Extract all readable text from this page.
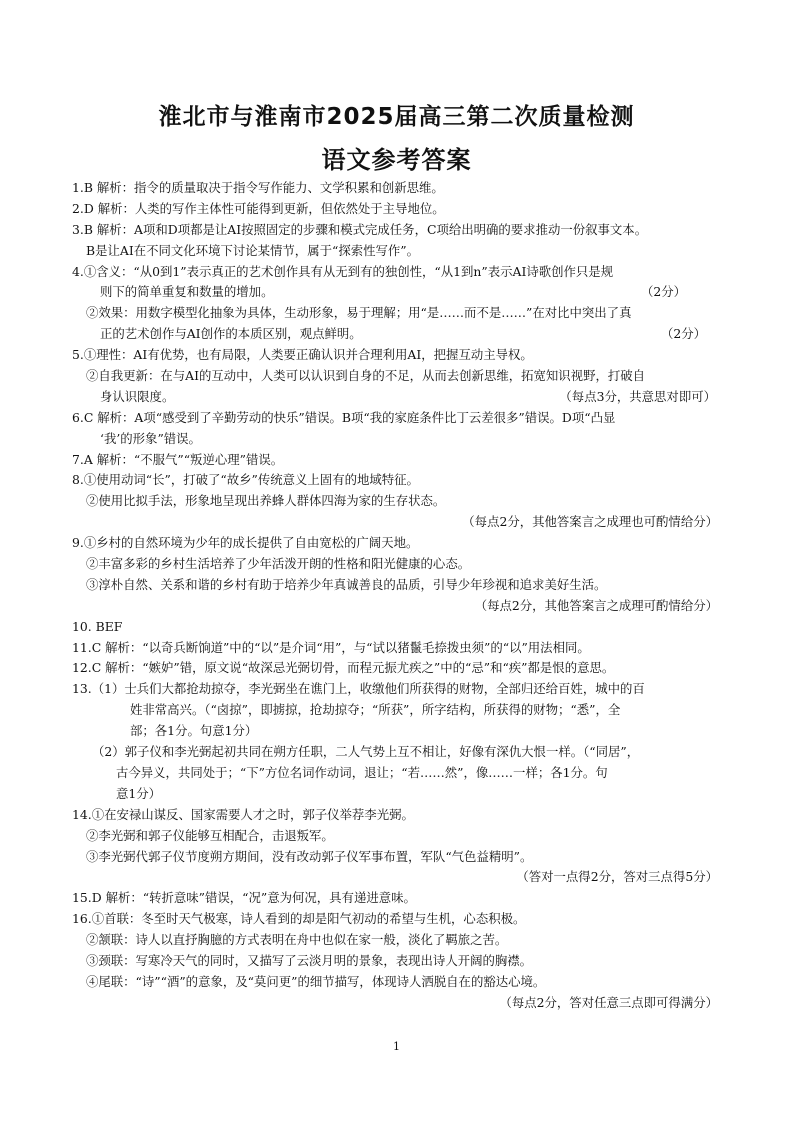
淮北市与淮南市2025届高三第二次质量检测
语文参考答案
1.B 解析：指令的质量取决于指令写作能力、文学积累和创新思维。
2.D 解析：人类的写作主体性可能得到更新，但依然处于主导地位。
3.B 解析：A项和D项都是让AI按照固定的步骤和模式完成任务，C项给出明确的要求推动一份叙事文本。
B是让AI在不同文化环境下讨论某情节，属于“探索性写作”。
4.①含义：“从0到1”表示真正的艺术创作具有从无到有的独创性，“从1到n”表示AI诗歌创作只是规
则下的简单重复和数量的增加。	（2分）
②效果：用数字模型化抽象为具体，生动形象，易于理解；用“是……而不是……”在对比中突出了真
正的艺术创作与AI创作的本质区别，观点鲜明。	（2分）
5.①理性：AI有优势，也有局限，人类要正确认识并合理利用AI，把握互动主导权。
②自我更新：在与AI的互动中，人类可以认识到自身的不足，从而去创新思维，拓宽知识视野，打破自
身认识限度。	（每点3分，共意思对即可）
6.C 解析：A项“感受到了辛勤劳动的快乐”错误。B项“我的家庭条件比丁云差很多”错误。D项“凸显
‘我’的形象”错误。
7.A 解析：“不服气”“叛逆心理”错误。
8.①使用动词“长”，打破了“故乡”传统意义上固有的地域特征。
②使用比拟手法，形象地呈现出养蜂人群体四海为家的生存状态。
（每点2分，其他答案言之成理也可酌情给分）
9.①乡村的自然环境为少年的成长提供了自由宽松的广阔天地。
②丰富多彩的乡村生活培养了少年活泼开朗的性格和阳光健康的心态。
③淳朴自然、关系和谐的乡村有助于培养少年真诚善良的品质，引导少年珍视和追求美好生活。
（每点2分，其他答案言之成理可酌情给分）
10. BEF
11.C 解析：“以奇兵断饷道”中的“以”是介词“用”，与“试以猪鬣毛捺拨虫须”的“以”用法相同。
12.C 解析：“嫉妒”错，原文说“故深忌光弼切骨，而程元振尤疾之”中的“忌”和“疾”都是恨的意思。
13.（1）士兵们大都抢劫掠夺，李光弼坐在谯门上，收缴他们所获得的财物，全部归还给百姓，城中的百
姓非常高兴。（“卤掠”，即掳掠，抢劫掠夺；“所获”，所字结构，所获得的财物；“悉”，全
部；各1分。句意1分）
（2）郭子仪和李光弼起初共同在朔方任职，二人气势上互不相让，好像有深仇大恨一样。（“同居”，
古今异义，共同处于；“下”方位名词作动词，退让；“若……然”，像……一样；各1分。句
意1分）
14.①在安禄山谋反、国家需要人才之时，郭子仪举荐李光弼。
②李光弼和郭子仪能够互相配合，击退叛军。
③李光弼代郭子仪节度朔方期间，没有改动郭子仪军事布置，军队“气色益精明”。
（答对一点得2分，答对三点得5分）
15.D 解析：“转折意味”错误，“况”意为何况，具有递进意味。
16.①首联：冬至时天气极寒，诗人看到的却是阳气初动的希望与生机，心态积极。
②颔联：诗人以直抒胸臆的方式表明在舟中也似在家一般，淡化了羁旅之苦。
③颈联：写寒冷天气的同时，又描写了云淡月明的景象，表现出诗人开阔的胸襟。
④尾联：“诗”“酒”的意象，及“莫问更”的细节描写，体现诗人洒脱自在的豁达心境。
（每点2分，答对任意三点即可得满分）
1
